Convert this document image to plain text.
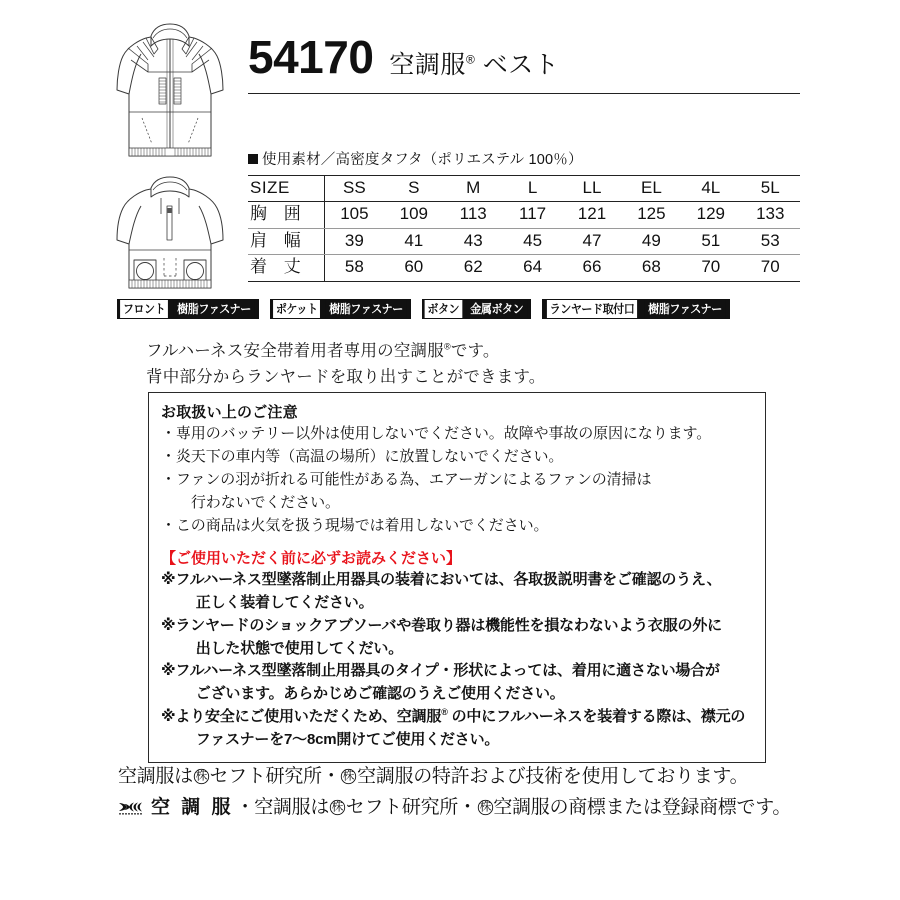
54170 空調服® ベスト
使用素材／高密度タフタ（ポリエステル 100％）
SIZE	SS	S	M	L	LL	EL	4L	5L
胸 囲	105	109	113	117	121	125	129	133
肩 幅	39	41	43	45	47	49	51	53
着 丈	58	60	62	64	66	68	70	70
フロント	樹脂ファスナー	ポケット	樹脂ファスナー	ボタン 金属ボタン	ランヤード取付口	樹脂ファスナー
フルハーネス安全帯着用者専用の空調服®です。
背中部分からランヤードを取り出すことができます。
お取扱い上のご注意
・専用のバッテリー以外は使用しないでください。故障や事故の原因になります。
・炎天下の車内等（高温の場所）に放置しないでください。
・ファンの羽が折れる可能性がある為、エアーガンによるファンの清掃は
　行わないでください。
・この商品は火気を扱う現場では着用しないでください。
【ご使用いただく前に必ずお読みください】
※フルハーネス型墜落制止用器具の装着においては、各取扱説明書をご確認のうえ、
　正しく装着してください。
※ランヤードのショックアブソーバや巻取り器は機能性を損なわないよう衣服の外に
　出した状態で使用してくだい。
※フルハーネス型墜落制止用器具のタイプ・形状によっては、着用に適さない場合が
　ございます。あらかじめご確認のうえご使用ください。
※より安全にご使用いただくため、空調服® の中にフルハーネスを装着する際は、襟元の
　ファスナーを7〜8cm開けてご使用ください。
空調服は 株 セフト研究所・ 株 空調服の特許および技術を使用しております。
空 調 服 ・空調服は 株 セフト研究所・ 株 空調服の商標または登録商標です。
